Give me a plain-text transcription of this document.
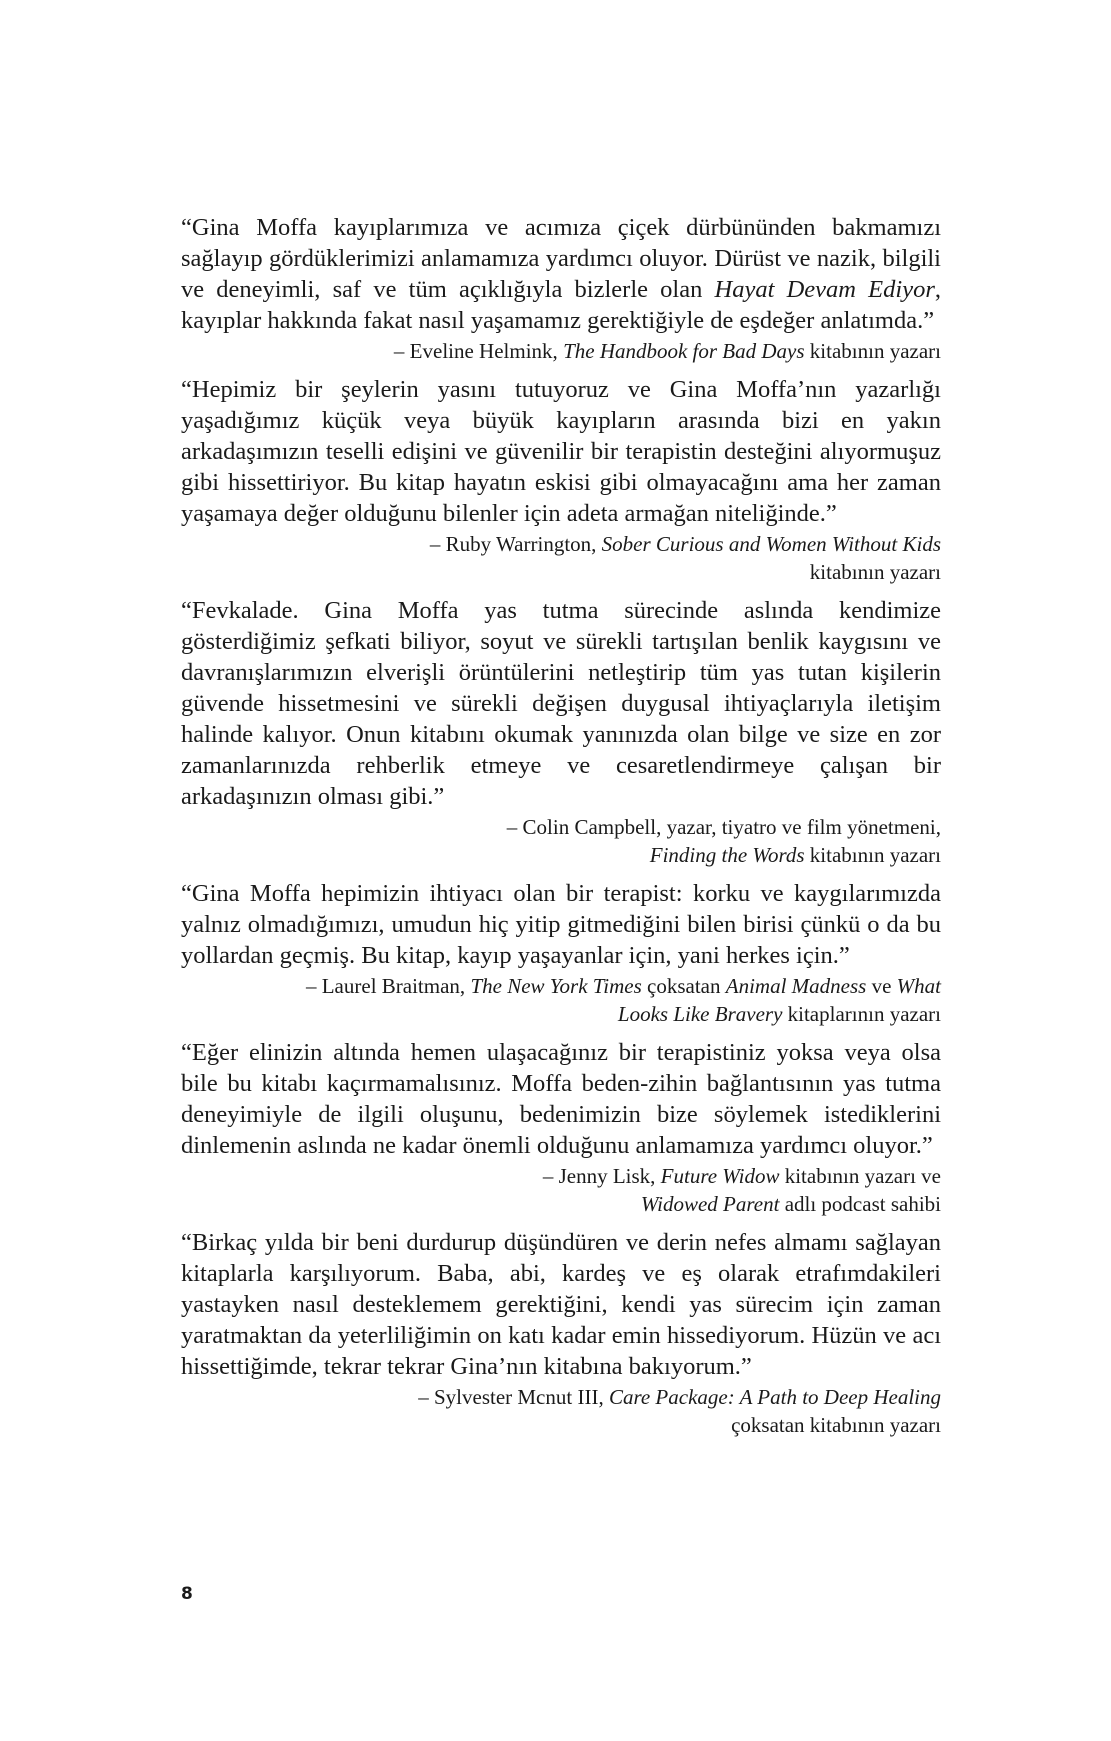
“Gina Moffa kayıplarımıza ve acımıza çiçek dürbününden bakmamızı sağlayıp gördüklerimizi anlamamıza yardımcı oluyor. Dürüst ve nazik, bilgili ve deneyimli, saf ve tüm açıklığıyla bizlerle olan Hayat Devam Ediyor, kayıplar hakkında fakat nasıl yaşamamız gerektiğiyle de eşdeğer anlatımda.”

– Eveline Helmink, The Handbook for Bad Days kitabının yazarı

“Hepimiz bir şeylerin yasını tutuyoruz ve Gina Moffa’nın yazarlığı yaşadığımız küçük veya büyük kayıpların arasında bizi en yakın arkadaşımızın teselli edişini ve güvenilir bir terapistin desteğini alıyormuşuz gibi hissettiriyor. Bu kitap hayatın eskisi gibi olmayacağını ama her zaman yaşamaya değer olduğunu bilenler için adeta armağan niteliğinde.”

– Ruby Warrington, Sober Curious and Women Without Kids
kitabının yazarı

“Fevkalade. Gina Moffa yas tutma sürecinde aslında kendimize gösterdiğimiz şefkati biliyor, soyut ve sürekli tartışılan benlik kaygısını ve davranışlarımızın elverişli örüntülerini netleştirip tüm yas tutan kişilerin güvende hissetmesini ve sürekli değişen duygusal ihtiyaçlarıyla iletişim halinde kalıyor. Onun kitabını okumak yanınızda olan bilge ve size en zor zamanlarınızda rehberlik etmeye ve cesaretlendirmeye çalışan bir arkadaşınızın olması gibi.”

– Colin Campbell, yazar, tiyatro ve film yönetmeni,
Finding the Words kitabının yazarı

“Gina Moffa hepimizin ihtiyacı olan bir terapist: korku ve kaygılarımızda yalnız olmadığımızı, umudun hiç yitip gitmediğini bilen birisi çünkü o da bu yollardan geçmiş. Bu kitap, kayıp yaşayanlar için, yani herkes için.”

– Laurel Braitman, The New York Times çoksatan Animal Madness ve What
Looks Like Bravery kitaplarının yazarı

“Eğer elinizin altında hemen ulaşacağınız bir terapistiniz yoksa veya olsa bile bu kitabı kaçırmamalısınız. Moffa beden-zihin bağlantısının yas tutma deneyimiyle de ilgili oluşunu, bedenimizin bize söylemek istediklerini dinlemenin aslında ne kadar önemli olduğunu anlamamıza yardımcı oluyor.”

– Jenny Lisk, Future Widow kitabının yazarı ve
Widowed Parent adlı podcast sahibi

“Birkaç yılda bir beni durdurup düşündüren ve derin nefes almamı sağlayan kitaplarla karşılıyorum. Baba, abi, kardeş ve eş olarak etrafımdakileri yastayken nasıl desteklemem gerektiğini, kendi yas sürecim için zaman yaratmaktan da yeterliliğimin on katı kadar emin hissediyorum. Hüzün ve acı hissettiğimde, tekrar tekrar Gina’nın kitabına bakıyorum.”

– Sylvester Mcnut III, Care Package: A Path to Deep Healing
çoksatan kitabının yazarı

8
